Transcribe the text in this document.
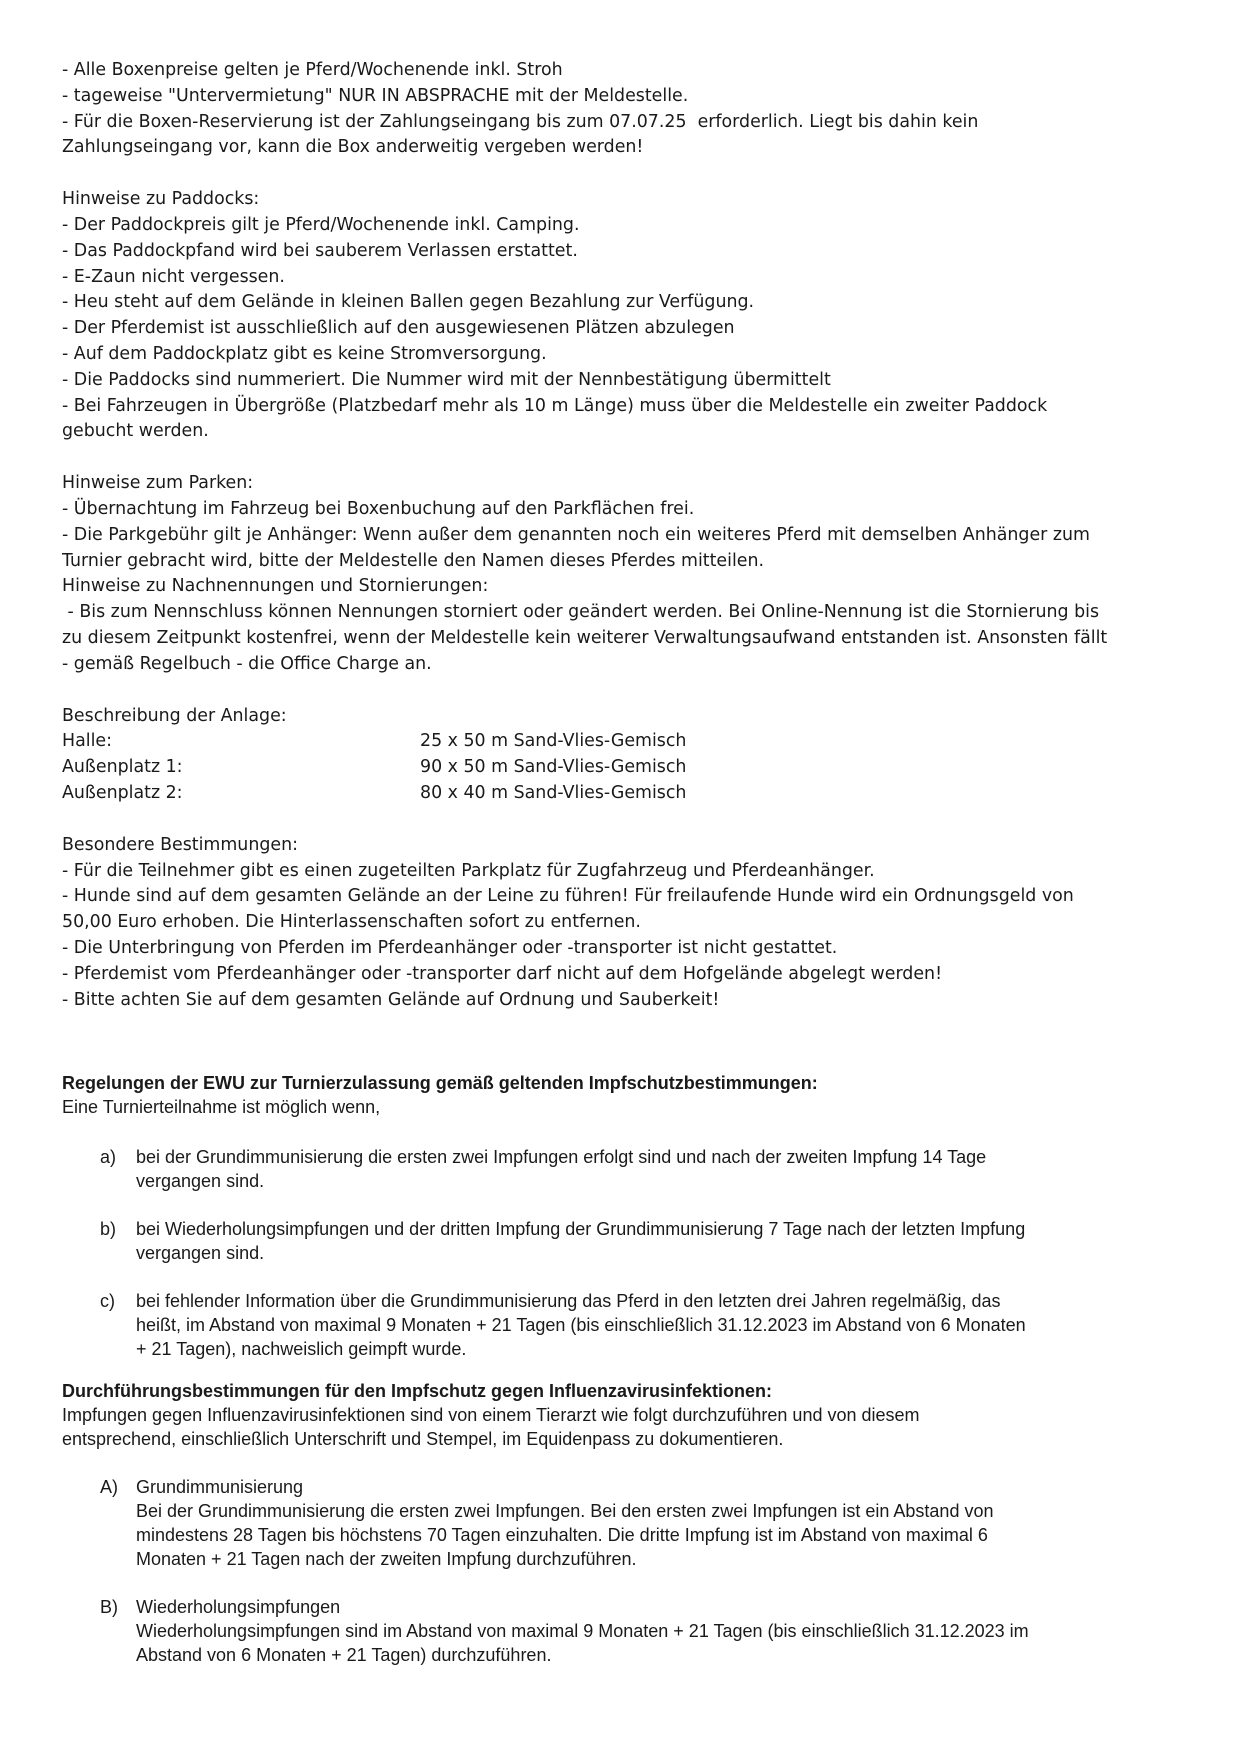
- Alle Boxenpreise gelten je Pferd/Wochenende inkl. Stroh
- tageweise "Untervermietung" NUR IN ABSPRACHE mit der Meldestelle.
- Für die Boxen-Reservierung ist der Zahlungseingang bis zum 07.07.25  erforderlich. Liegt bis dahin kein
Zahlungseingang vor, kann die Box anderweitig vergeben werden!

Hinweise zu Paddocks:
- Der Paddockpreis gilt je Pferd/Wochenende inkl. Camping.
- Das Paddockpfand wird bei sauberem Verlassen erstattet.
- E-Zaun nicht vergessen.
- Heu steht auf dem Gelände in kleinen Ballen gegen Bezahlung zur Verfügung.
- Der Pferdemist ist ausschließlich auf den ausgewiesenen Plätzen abzulegen
- Auf dem Paddockplatz gibt es keine Stromversorgung.
- Die Paddocks sind nummeriert. Die Nummer wird mit der Nennbestätigung übermittelt
- Bei Fahrzeugen in Übergröße (Platzbedarf mehr als 10 m Länge) muss über die Meldestelle ein zweiter Paddock
gebucht werden.

Hinweise zum Parken:
- Übernachtung im Fahrzeug bei Boxenbuchung auf den Parkflächen frei.
- Die Parkgebühr gilt je Anhänger: Wenn außer dem genannten noch ein weiteres Pferd mit demselben Anhänger zum
Turnier gebracht wird, bitte der Meldestelle den Namen dieses Pferdes mitteilen.
Hinweise zu Nachnennungen und Stornierungen:
- Bis zum Nennschluss können Nennungen storniert oder geändert werden. Bei Online-Nennung ist die Stornierung bis
zu diesem Zeitpunkt kostenfrei, wenn der Meldestelle kein weiterer Verwaltungsaufwand entstanden ist. Ansonsten fällt
- gemäß Regelbuch - die Office Charge an.

Beschreibung der Anlage:
Halle:	25 x 50 m Sand-Vlies-Gemisch
Außenplatz 1:	90 x 50 m Sand-Vlies-Gemisch
Außenplatz 2:	80 x 40 m Sand-Vlies-Gemisch

Besondere Bestimmungen:
- Für die Teilnehmer gibt es einen zugeteilten Parkplatz für Zugfahrzeug und Pferdeanhänger.
- Hunde sind auf dem gesamten Gelände an der Leine zu führen! Für freilaufende Hunde wird ein Ordnungsgeld von
50,00 Euro erhoben. Die Hinterlassenschaften sofort zu entfernen.
- Die Unterbringung von Pferden im Pferdeanhänger oder -transporter ist nicht gestattet.
- Pferdemist vom Pferdeanhänger oder -transporter darf nicht auf dem Hofgelände abgelegt werden!
- Bitte achten Sie auf dem gesamten Gelände auf Ordnung und Sauberkeit!

Regelungen der EWU zur Turnierzulassung gemäß geltenden Impfschutzbestimmungen:
Eine Turnierteilnahme ist möglich wenn,
a) bei der Grundimmunisierung die ersten zwei Impfungen erfolgt sind und nach der zweiten Impfung 14 Tage
vergangen sind.
b) bei Wiederholungsimpfungen und der dritten Impfung der Grundimmunisierung 7 Tage nach der letzten Impfung
vergangen sind.
c) bei fehlender Information über die Grundimmunisierung das Pferd in den letzten drei Jahren regelmäßig, das
heißt, im Abstand von maximal 9 Monaten + 21 Tagen (bis einschließlich 31.12.2023 im Abstand von 6 Monaten
+ 21 Tagen), nachweislich geimpft wurde.
Durchführungsbestimmungen für den Impfschutz gegen Influenzavirusinfektionen:
Impfungen gegen Influenzavirusinfektionen sind von einem Tierarzt wie folgt durchzuführen und von diesem
entsprechend, einschließlich Unterschrift und Stempel, im Equidenpass zu dokumentieren.
A) Grundimmunisierung
Bei der Grundimmunisierung die ersten zwei Impfungen. Bei den ersten zwei Impfungen ist ein Abstand von
mindestens 28 Tagen bis höchstens 70 Tagen einzuhalten. Die dritte Impfung ist im Abstand von maximal 6
Monaten + 21 Tagen nach der zweiten Impfung durchzuführen.
B) Wiederholungsimpfungen
Wiederholungsimpfungen sind im Abstand von maximal 9 Monaten + 21 Tagen (bis einschließlich 31.12.2023 im
Abstand von 6 Monaten + 21 Tagen) durchzuführen.
